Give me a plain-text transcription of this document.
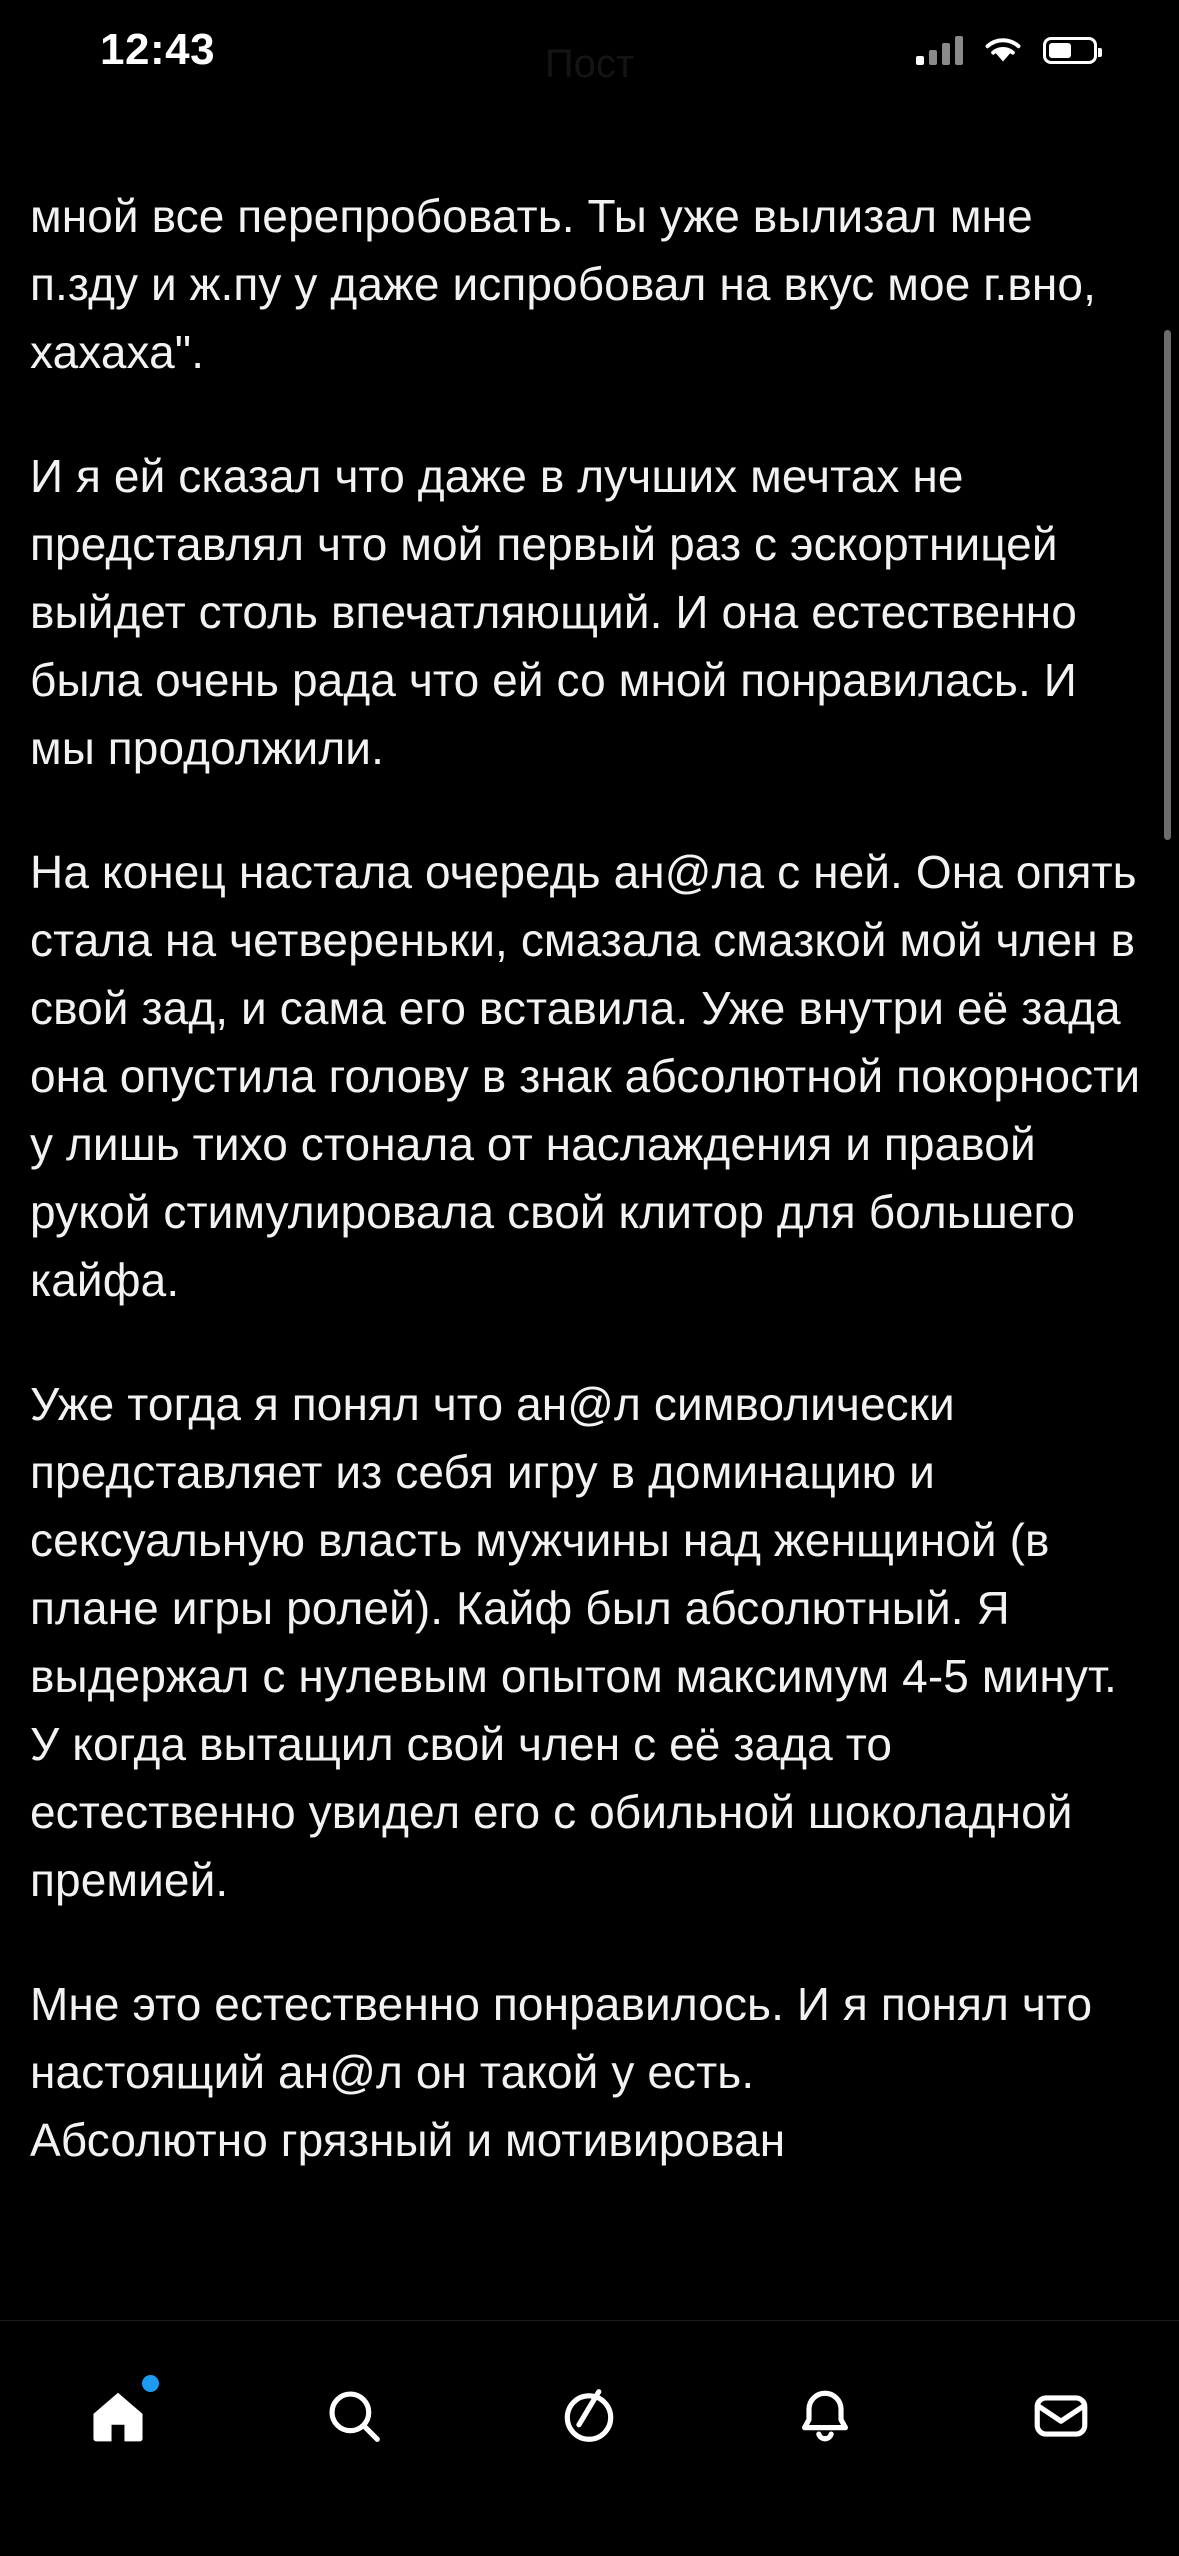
Пост
12:43

мной все перепробовать. Ты уже вылизал мне п.зду и ж.пу у даже испробовал на вкус мое г.вно, хахаха".

И я ей сказал что даже в лучших мечтах не представлял что мой первый раз с эскортницей выйдет столь впечатляющий. И она естественно была очень рада что ей со мной понравилась. И мы продолжили.

На конец настала очередь ан@ла с ней. Она опять стала на четвереньки, смазала смазкой мой член в свой зад, и сама его вставила. Уже внутри её зада она опустила голову в знак абсолютной покорности у лишь тихо стонала от наслаждения и правой рукой стимулировала свой клитор для большего кайфа.

Уже тогда я понял что ан@л символически представляет из себя игру в доминацию и сексуальную власть мужчины над женщиной (в плане игры ролей). Кайф был абсолютный. Я выдержал с нулевым опытом максимум 4-5 минут. У когда вытащил свой член с её зада то естественно увидел его с обильной шоколадной премией.

Мне это естественно понравилось. И я понял что настоящий ан@л он такой у есть.

Абсолютно грязный и мотивирован
